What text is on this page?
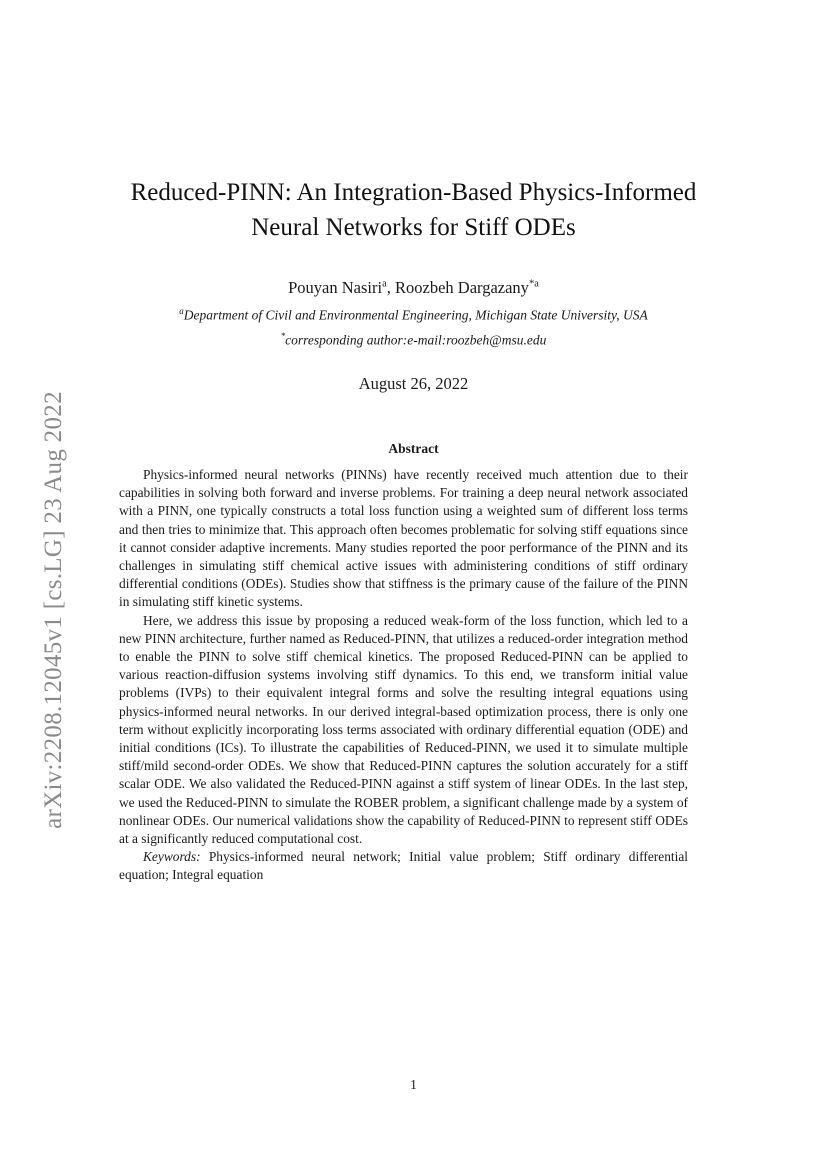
arXiv:2208.12045v1 [cs.LG] 23 Aug 2022
Reduced-PINN: An Integration-Based Physics-Informed
Neural Networks for Stiff ODEs
Pouyan Nasiri$^a$, Roozbeh Dargazany$^{*a}$
$^a$Department of Civil and Environmental Engineering, Michigan State University, USA
*corresponding author:e-mail:roozbeh@msu.edu
August 26, 2022
Abstract

Physics-informed neural networks (PINNs) have recently received much attention due to their capabilities in solving both forward and inverse problems. For training a deep neural network associated with a PINN, one typically constructs a total loss function using a weighted sum of different loss terms and then tries to minimize that. This approach often becomes problematic for solving stiff equations since it cannot consider adaptive increments. Many studies reported the poor performance of the PINN and its challenges in simulating stiff chemical active issues with administering conditions of stiff ordinary differential conditions (ODEs). Studies show that stiffness is the primary cause of the failure of the PINN in simulating stiff kinetic systems.

Here, we address this issue by proposing a reduced weak-form of the loss function, which led to a new PINN architecture, further named as Reduced-PINN, that utilizes a reduced-order integration method to enable the PINN to solve stiff chemical kinetics. The proposed Reduced-PINN can be applied to various reaction-diffusion systems involving stiff dynamics. To this end, we transform initial value problems (IVPs) to their equivalent integral forms and solve the resulting integral equations using physics-informed neural networks. In our derived integral-based optimization process, there is only one term without explicitly incorporating loss terms associated with ordinary differential equation (ODE) and initial conditions (ICs). To illustrate the capabilities of Reduced-PINN, we used it to simulate multiple stiff/mild second-order ODEs. We show that Reduced-PINN captures the solution accurately for a stiff scalar ODE. We also validated the Reduced-PINN against a stiff system of linear ODEs. In the last step, we used the Reduced-PINN to simulate the ROBER problem, a significant challenge made by a system of nonlinear ODEs. Our numerical validations show the capability of Reduced-PINN to represent stiff ODEs at a significantly reduced computational cost.

Keywords: Physics-informed neural network; Initial value problem; Stiff ordinary differential equation; Integral equation

1
